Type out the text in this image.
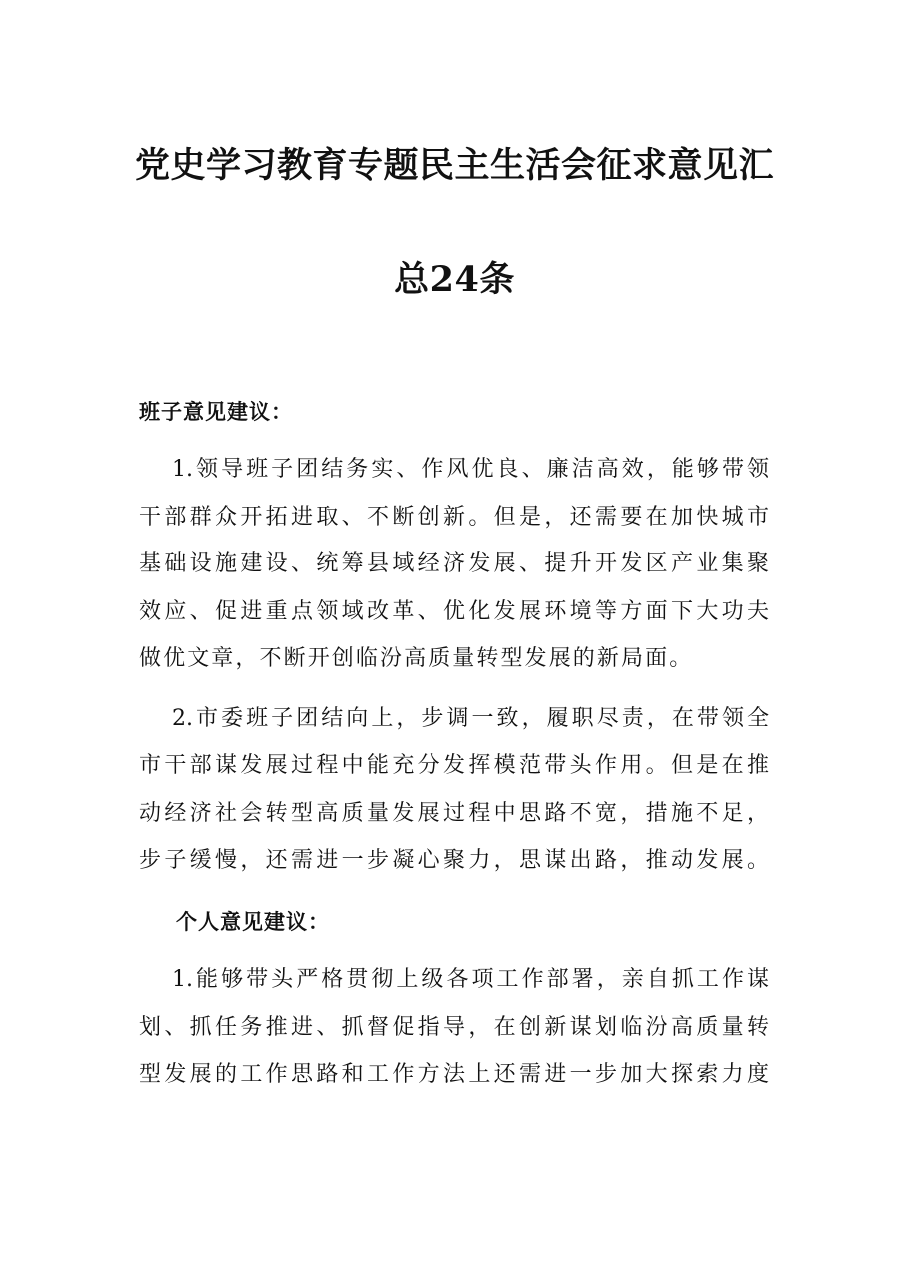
党史学习教育专题民主生活会征求意见汇
总24条
班子意见建议：
1.领导班子团结务实、作风优良、廉洁高效，能够带领
干部群众开拓进取、不断创新。但是，还需要在加快城市
基础设施建设、统筹县域经济发展、提升开发区产业集聚
效应、促进重点领域改革、优化发展环境等方面下大功夫
做优文章，不断开创临汾高质量转型发展的新局面。
2.市委班子团结向上，步调一致，履职尽责，在带领全
市干部谋发展过程中能充分发挥模范带头作用。但是在推
动经济社会转型高质量发展过程中思路不宽，措施不足，
步子缓慢，还需进一步凝心聚力，思谋出路，推动发展。
个人意见建议：
1.能够带头严格贯彻上级各项工作部署，亲自抓工作谋
划、抓任务推进、抓督促指导，在创新谋划临汾高质量转
型发展的工作思路和工作方法上还需进一步加大探索力度
